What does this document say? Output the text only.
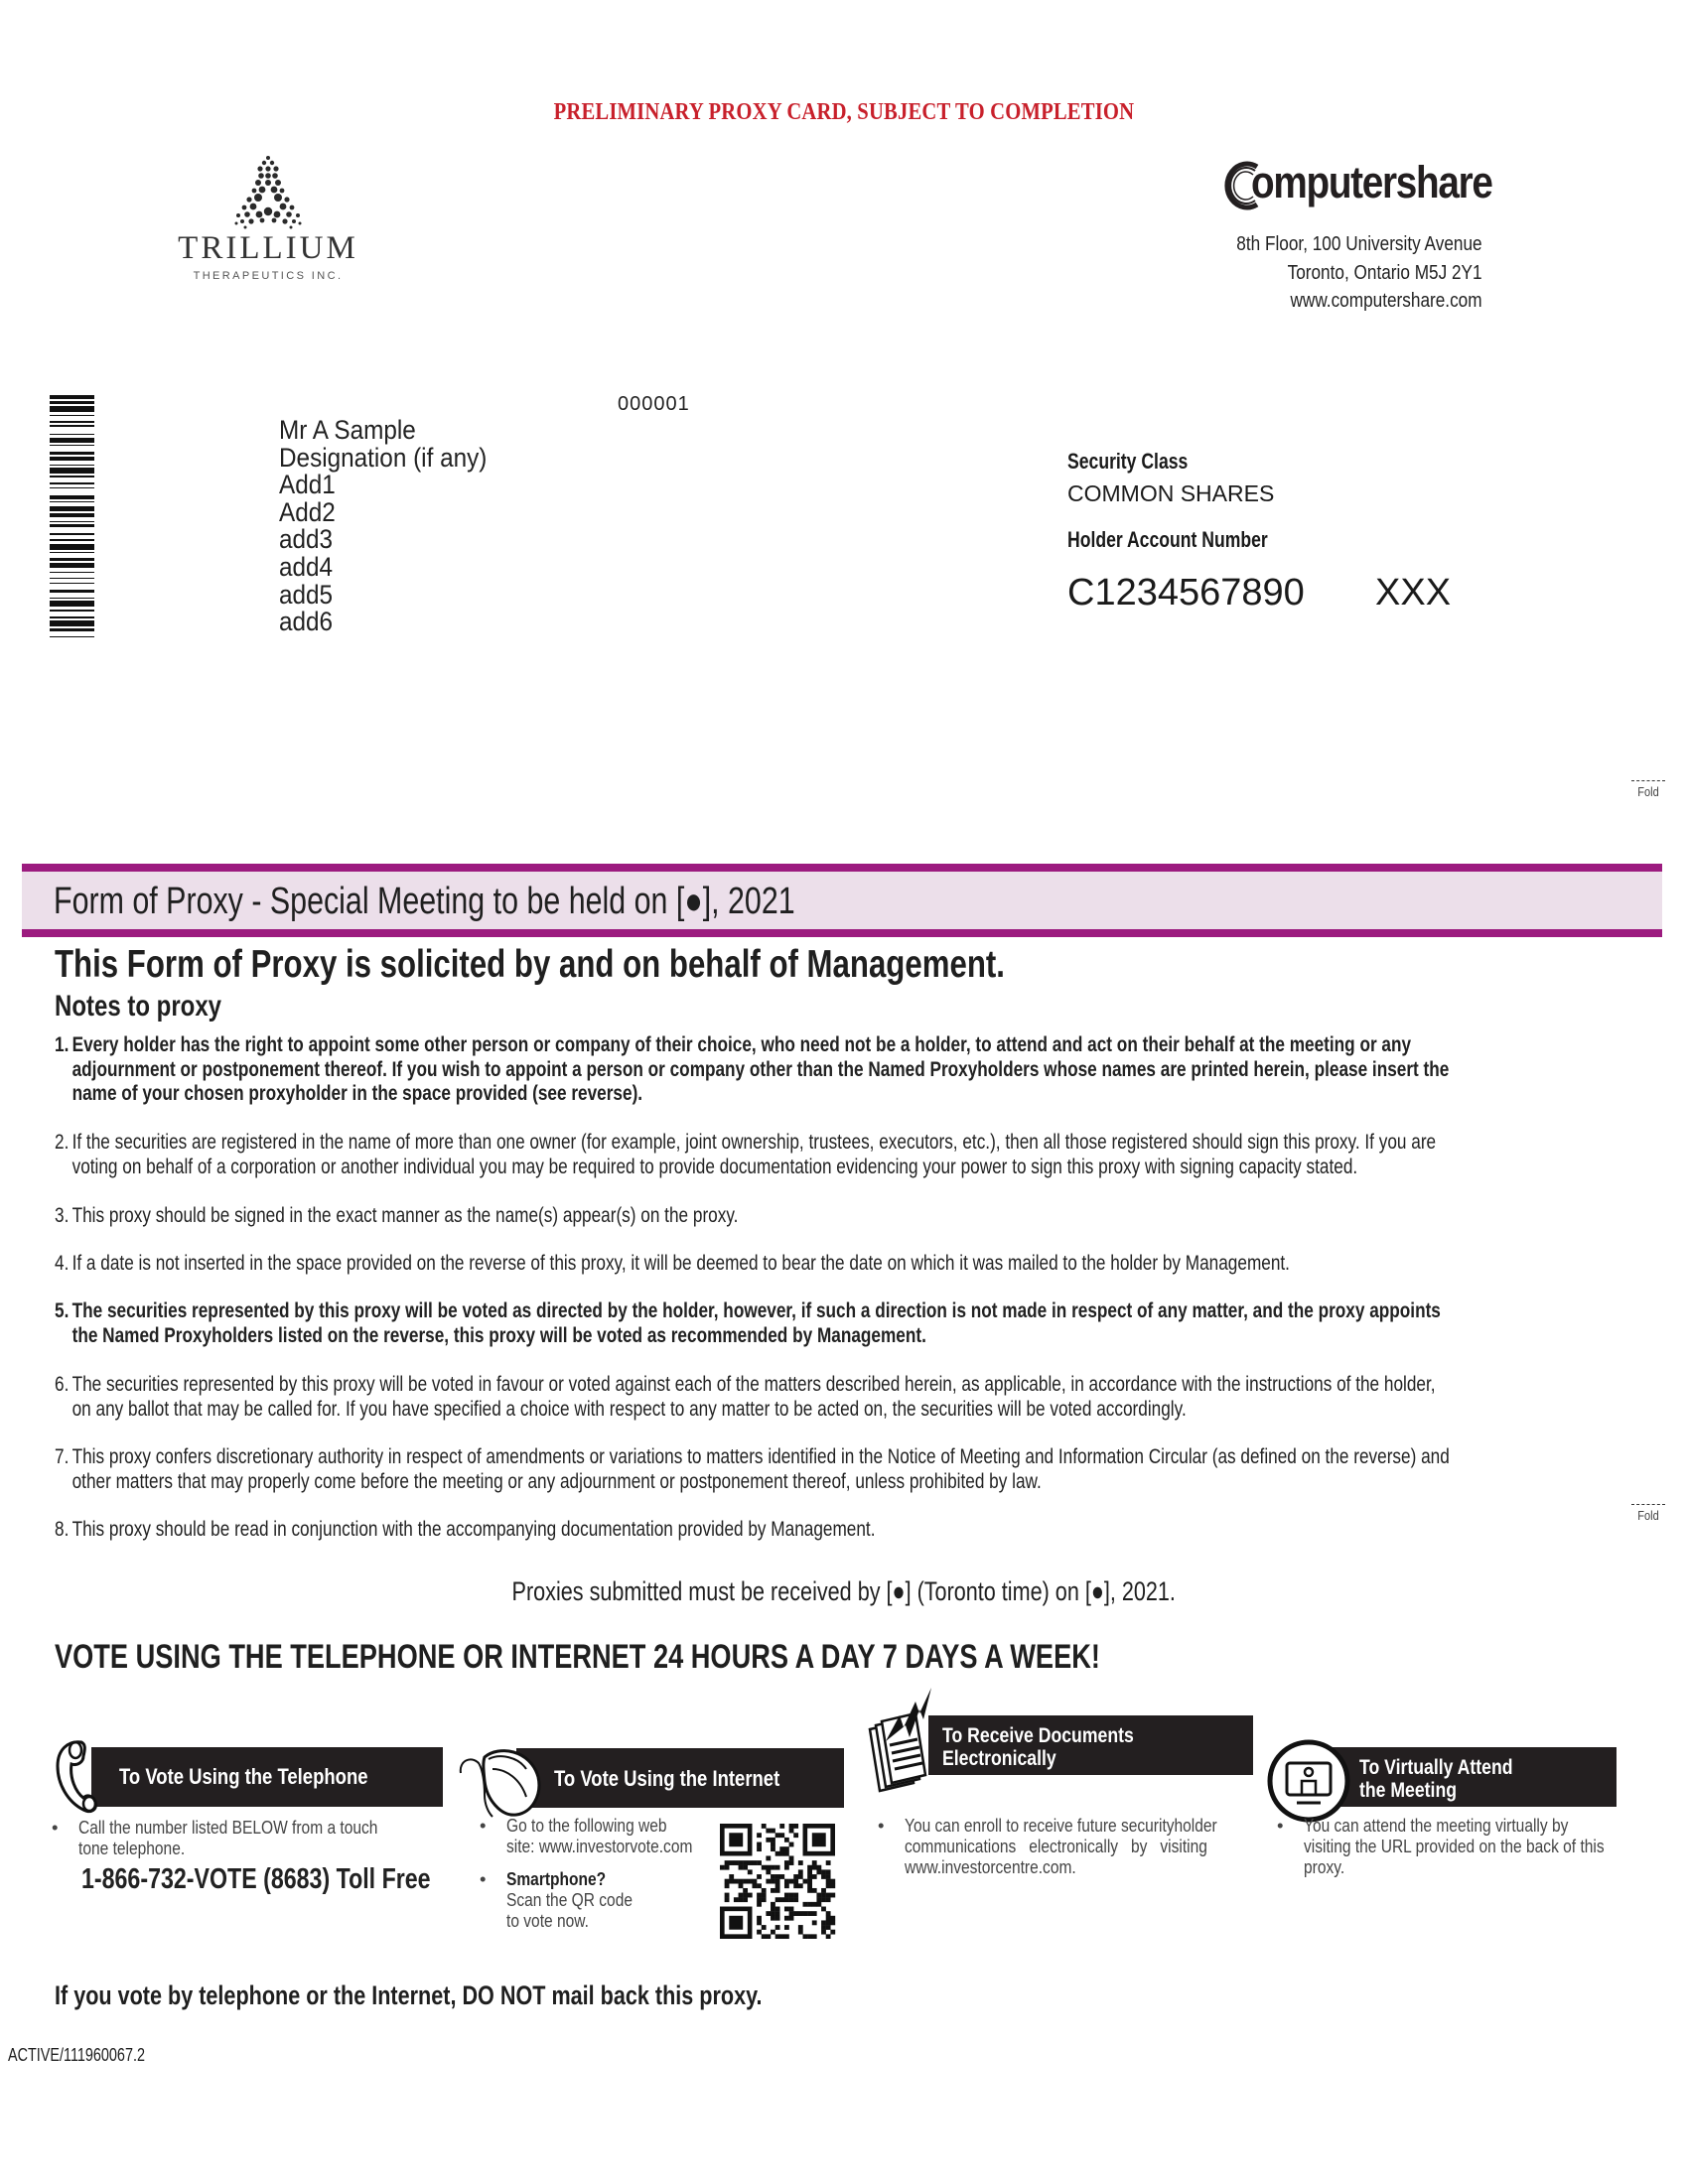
PRELIMINARY PROXY CARD, SUBJECT TO COMPLETION
TRILLIUM
THERAPEUTICS INC.
omputershare
8th Floor, 100 University Avenue
Toronto, Ontario M5J 2Y1
www.computershare.com
000001
Mr A Sample
Designation (if any)
Add1
Add2
add3
add4
add5
add6
Security Class
COMMON SHARES
Holder Account Number
C1234567890 XXX
Fold
Fold
Form of Proxy - Special Meeting to be held on [●], 2021
This Form of Proxy is solicited by and on behalf of Management.
Notes to proxy
1. Every holder has the right to appoint some other person or company of their choice, who need not be a holder, to attend and act on their behalf at the meeting or any
adjournment or postponement thereof. If you wish to appoint a person or company other than the Named Proxyholders whose names are printed herein, please insert the
name of your chosen proxyholder in the space provided (see reverse).
2. If the securities are registered in the name of more than one owner (for example, joint ownership, trustees, executors, etc.), then all those registered should sign this proxy. If you are
voting on behalf of a corporation or another individual you may be required to provide documentation evidencing your power to sign this proxy with signing capacity stated.
3. This proxy should be signed in the exact manner as the name(s) appear(s) on the proxy.
4. If a date is not inserted in the space provided on the reverse of this proxy, it will be deemed to bear the date on which it was mailed to the holder by Management.
5. The securities represented by this proxy will be voted as directed by the holder, however, if such a direction is not made in respect of any matter, and the proxy appoints
the Named Proxyholders listed on the reverse, this proxy will be voted as recommended by Management.
6. The securities represented by this proxy will be voted in favour or voted against each of the matters described herein, as applicable, in accordance with the instructions of the holder,
on any ballot that may be called for. If you have specified a choice with respect to any matter to be acted on, the securities will be voted accordingly.
7. This proxy confers discretionary authority in respect of amendments or variations to matters identified in the Notice of Meeting and Information Circular (as defined on the reverse) and
other matters that may properly come before the meeting or any adjournment or postponement thereof, unless prohibited by law.
8. This proxy should be read in conjunction with the accompanying documentation provided by Management.
Proxies submitted must be received by [●] (Toronto time) on [●], 2021.
VOTE USING THE TELEPHONE OR INTERNET 24 HOURS A DAY 7 DAYS A WEEK!
To Vote Using the Telephone
• Call the number listed BELOW from a touch
tone telephone.
1-866-732-VOTE (8683) Toll Free
To Vote Using the Internet
• Go to the following web
site: www.investorvote.com
• Smartphone?
Scan the QR code
to vote now.
To Receive Documents
Electronically
• You can enroll to receive future securityholder
communications   electronically   by   visiting
www.investorcentre.com.
To Virtually Attend
the Meeting
• You can attend the meeting virtually by
visiting the URL provided on the back of this
proxy.
If you vote by telephone or the Internet, DO NOT mail back this proxy.
ACTIVE/111960067.2
